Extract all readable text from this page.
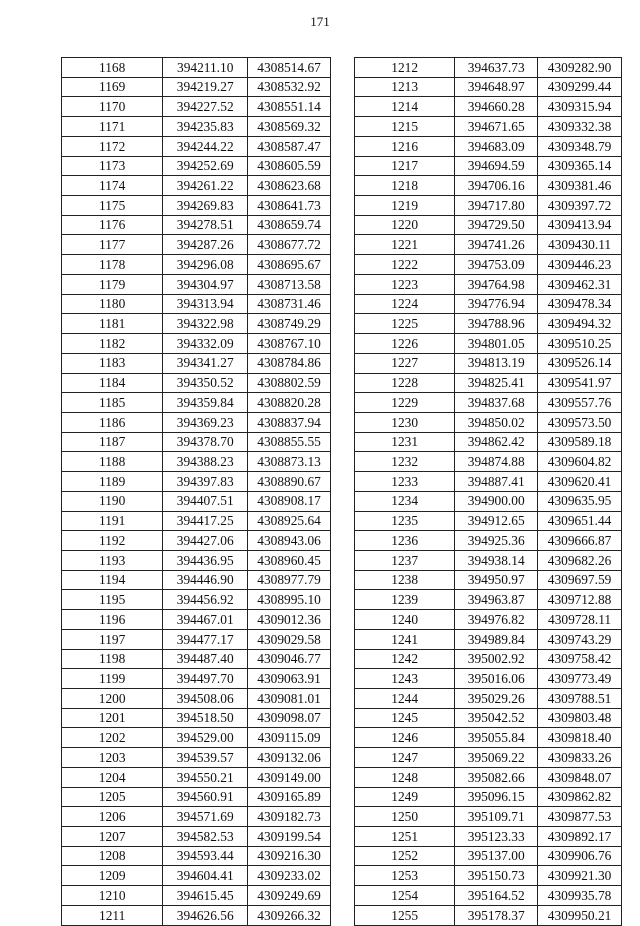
171
1168	394211.10	4308514.67
1169	394219.27	4308532.92
1170	394227.52	4308551.14
1171	394235.83	4308569.32
1172	394244.22	4308587.47
1173	394252.69	4308605.59
1174	394261.22	4308623.68
1175	394269.83	4308641.73
1176	394278.51	4308659.74
1177	394287.26	4308677.72
1178	394296.08	4308695.67
1179	394304.97	4308713.58
1180	394313.94	4308731.46
1181	394322.98	4308749.29
1182	394332.09	4308767.10
1183	394341.27	4308784.86
1184	394350.52	4308802.59
1185	394359.84	4308820.28
1186	394369.23	4308837.94
1187	394378.70	4308855.55
1188	394388.23	4308873.13
1189	394397.83	4308890.67
1190	394407.51	4308908.17
1191	394417.25	4308925.64
1192	394427.06	4308943.06
1193	394436.95	4308960.45
1194	394446.90	4308977.79
1195	394456.92	4308995.10
1196	394467.01	4309012.36
1197	394477.17	4309029.58
1198	394487.40	4309046.77
1199	394497.70	4309063.91
1200	394508.06	4309081.01
1201	394518.50	4309098.07
1202	394529.00	4309115.09
1203	394539.57	4309132.06
1204	394550.21	4309149.00
1205	394560.91	4309165.89
1206	394571.69	4309182.73
1207	394582.53	4309199.54
1208	394593.44	4309216.30
1209	394604.41	4309233.02
1210	394615.45	4309249.69
1211	394626.56	4309266.32
1212	394637.73	4309282.90
1213	394648.97	4309299.44
1214	394660.28	4309315.94
1215	394671.65	4309332.38
1216	394683.09	4309348.79
1217	394694.59	4309365.14
1218	394706.16	4309381.46
1219	394717.80	4309397.72
1220	394729.50	4309413.94
1221	394741.26	4309430.11
1222	394753.09	4309446.23
1223	394764.98	4309462.31
1224	394776.94	4309478.34
1225	394788.96	4309494.32
1226	394801.05	4309510.25
1227	394813.19	4309526.14
1228	394825.41	4309541.97
1229	394837.68	4309557.76
1230	394850.02	4309573.50
1231	394862.42	4309589.18
1232	394874.88	4309604.82
1233	394887.41	4309620.41
1234	394900.00	4309635.95
1235	394912.65	4309651.44
1236	394925.36	4309666.87
1237	394938.14	4309682.26
1238	394950.97	4309697.59
1239	394963.87	4309712.88
1240	394976.82	4309728.11
1241	394989.84	4309743.29
1242	395002.92	4309758.42
1243	395016.06	4309773.49
1244	395029.26	4309788.51
1245	395042.52	4309803.48
1246	395055.84	4309818.40
1247	395069.22	4309833.26
1248	395082.66	4309848.07
1249	395096.15	4309862.82
1250	395109.71	4309877.53
1251	395123.33	4309892.17
1252	395137.00	4309906.76
1253	395150.73	4309921.30
1254	395164.52	4309935.78
1255	395178.37	4309950.21
